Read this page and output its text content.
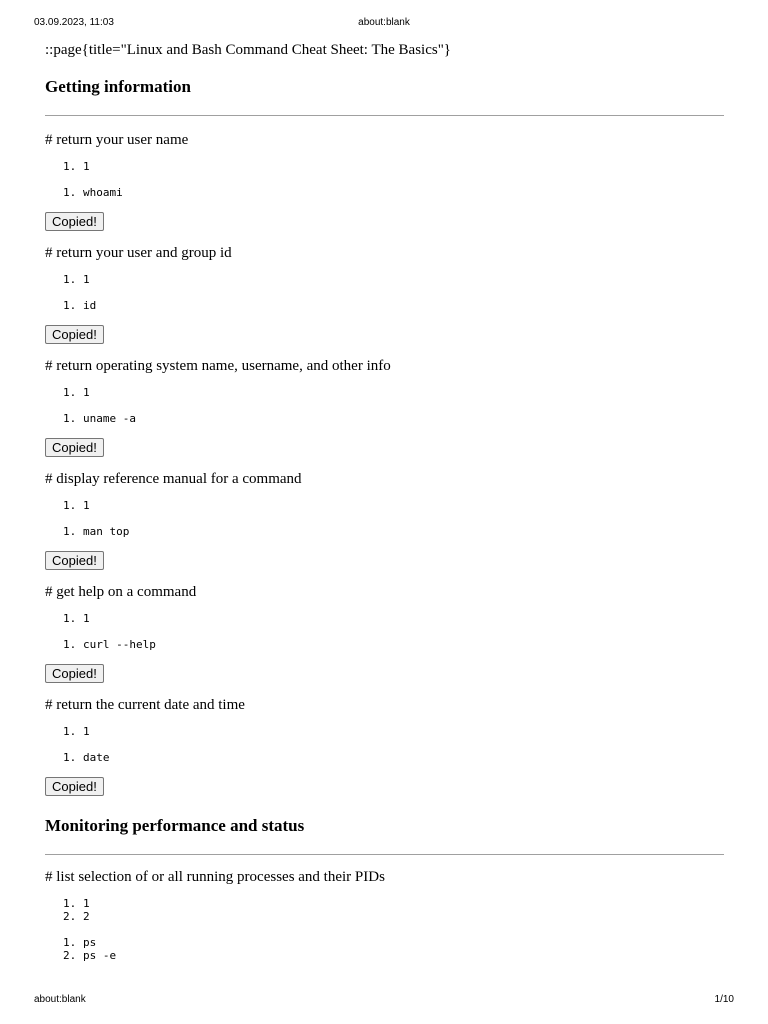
03.09.2023, 11:03	about:blank
::page{title="Linux and Bash Command Cheat Sheet: The Basics"}
Getting information

# return your user name

1. 1
1. whoami
Copied!

# return your user and group id

1. 1
1. id
Copied!

# return operating system name, username, and other info

1. 1
1. uname -a
Copied!

# display reference manual for a command

1. 1
1. man top
Copied!

# get help on a command

1. 1
1. curl --help
Copied!

# return the current date and time

1. 1
1. date
Copied!
Monitoring performance and status

# list selection of or all running processes and their PIDs

1. 1
2. 2
1. ps
2. ps -e
about:blank	1/10
